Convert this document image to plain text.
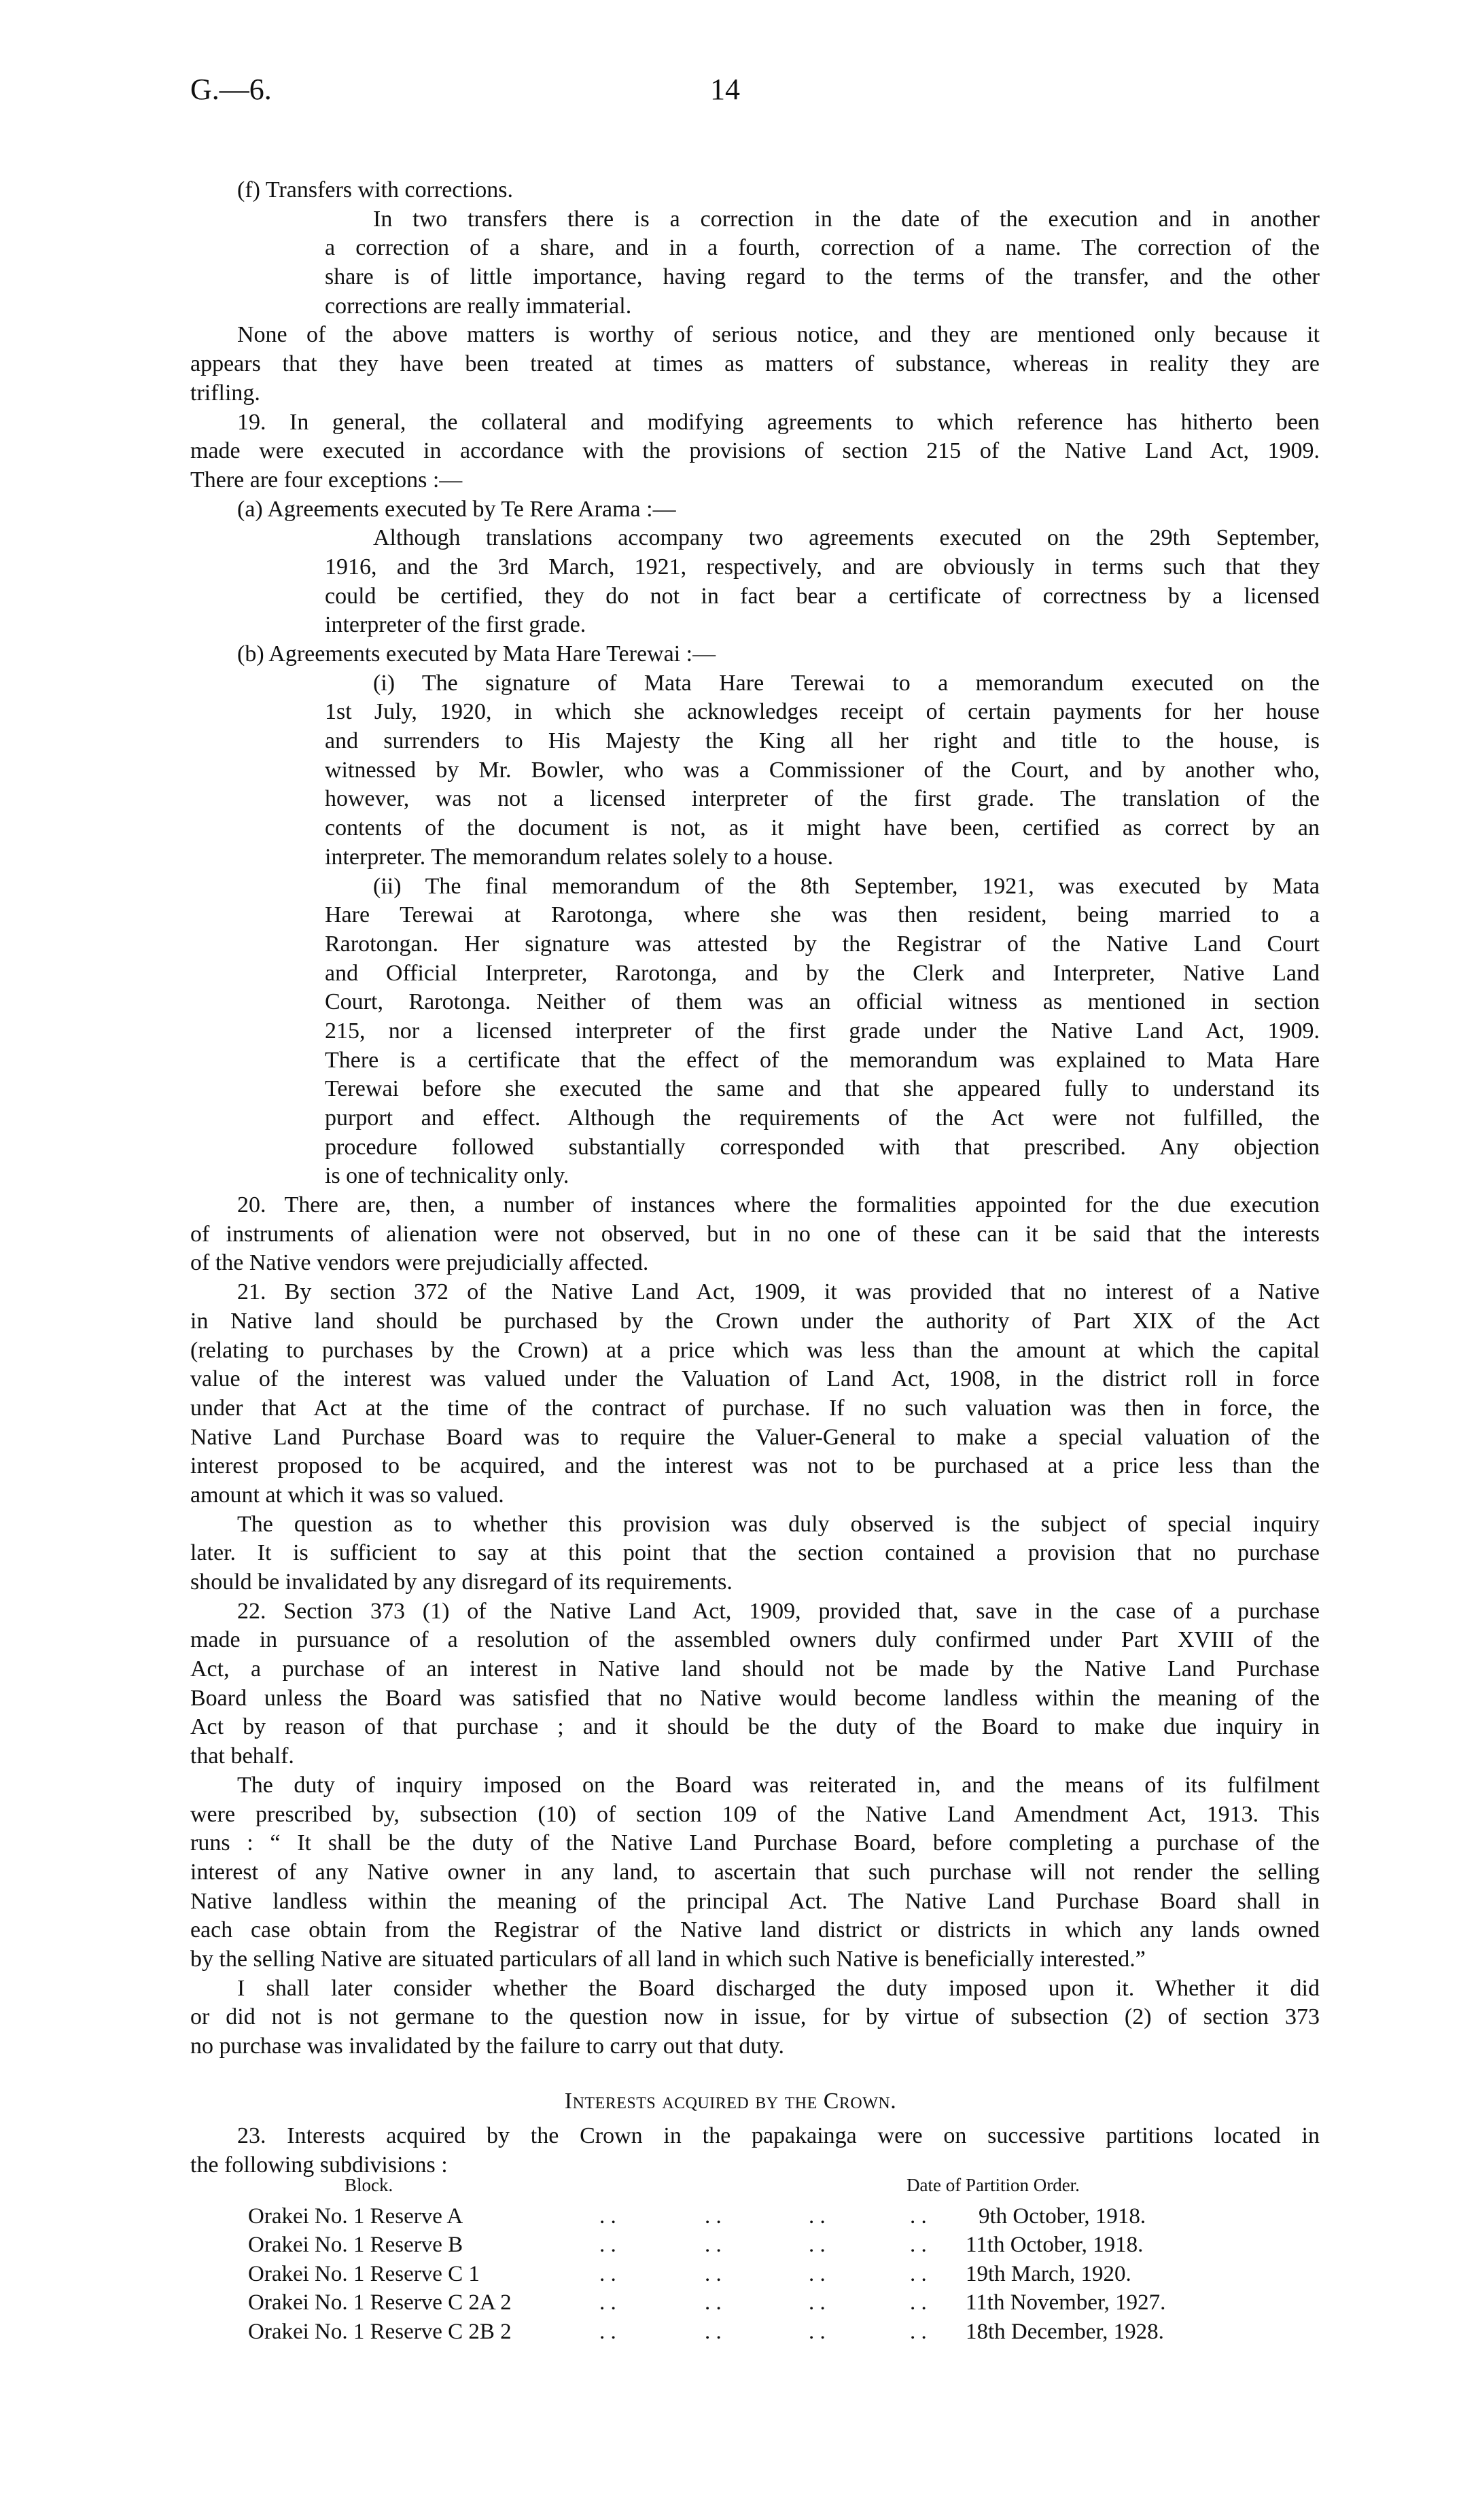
G.—6.	14
(f) Transfers with corrections.
In two transfers there is a correction in the date of the execution and in another
a correction of a share, and in a fourth, correction of a name. The correction of the
share is of little importance, having regard to the terms of the transfer, and the other
corrections are really immaterial.
None of the above matters is worthy of serious notice, and they are mentioned only because it
appears that they have been treated at times as matters of substance, whereas in reality they are
trifling.
19. In general, the collateral and modifying agreements to which reference has hitherto been
made were executed in accordance with the provisions of section 215 of the Native Land Act, 1909.
There are four exceptions :—
(a) Agreements executed by Te Rere Arama :—
Although translations accompany two agreements executed on the 29th September,
1916, and the 3rd March, 1921, respectively, and are obviously in terms such that they
could be certified, they do not in fact bear a certificate of correctness by a licensed
interpreter of the first grade.
(b) Agreements executed by Mata Hare Terewai :—
(i) The signature of Mata Hare Terewai to a memorandum executed on the
1st July, 1920, in which she acknowledges receipt of certain payments for her house
and surrenders to His Majesty the King all her right and title to the house, is
witnessed by Mr. Bowler, who was a Commissioner of the Court, and by another who,
however, was not a licensed interpreter of the first grade. The translation of the
contents of the document is not, as it might have been, certified as correct by an
interpreter. The memorandum relates solely to a house.
(ii) The final memorandum of the 8th September, 1921, was executed by Mata
Hare Terewai at Rarotonga, where she was then resident, being married to a
Rarotongan. Her signature was attested by the Registrar of the Native Land Court
and Official Interpreter, Rarotonga, and by the Clerk and Interpreter, Native Land
Court, Rarotonga. Neither of them was an official witness as mentioned in section
215, nor a licensed interpreter of the first grade under the Native Land Act, 1909.
There is a certificate that the effect of the memorandum was explained to Mata Hare
Terewai before she executed the same and that she appeared fully to understand its
purport and effect. Although the requirements of the Act were not fulfilled, the
procedure followed substantially corresponded with that prescribed. Any objection
is one of technicality only.
20. There are, then, a number of instances where the formalities appointed for the due execution
of instruments of alienation were not observed, but in no one of these can it be said that the interests
of the Native vendors were prejudicially affected.
21. By section 372 of the Native Land Act, 1909, it was provided that no interest of a Native
in Native land should be purchased by the Crown under the authority of Part XIX of the Act
(relating to purchases by the Crown) at a price which was less than the amount at which the capital
value of the interest was valued under the Valuation of Land Act, 1908, in the district roll in force
under that Act at the time of the contract of purchase. If no such valuation was then in force, the
Native Land Purchase Board was to require the Valuer-General to make a special valuation of the
interest proposed to be acquired, and the interest was not to be purchased at a price less than the
amount at which it was so valued.
The question as to whether this provision was duly observed is the subject of special inquiry
later. It is sufficient to say at this point that the section contained a provision that no purchase
should be invalidated by any disregard of its requirements.
22. Section 373 (1) of the Native Land Act, 1909, provided that, save in the case of a purchase
made in pursuance of a resolution of the assembled owners duly confirmed under Part XVIII of the
Act, a purchase of an interest in Native land should not be made by the Native Land Purchase
Board unless the Board was satisfied that no Native would become landless within the meaning of the
Act by reason of that purchase ; and it should be the duty of the Board to make due inquiry in
that behalf.
The duty of inquiry imposed on the Board was reiterated in, and the means of its fulfilment
were prescribed by, subsection (10) of section 109 of the Native Land Amendment Act, 1913. This
runs : “ It shall be the duty of the Native Land Purchase Board, before completing a purchase of the
interest of any Native owner in any land, to ascertain that such purchase will not render the selling
Native landless within the meaning of the principal Act. The Native Land Purchase Board shall in
each case obtain from the Registrar of the Native land district or districts in which any lands owned
by the selling Native are situated particulars of all land in which such Native is beneficially interested.”
I shall later consider whether the Board discharged the duty imposed upon it. Whether it did
or did not is not germane to the question now in issue, for by virtue of subsection (2) of section 373
no purchase was invalidated by the failure to carry out that duty.
Interests acquired by the Crown.
23. Interests acquired by the Crown in the papakainga were on successive partitions located in
the following subdivisions :
Block.	Date of Partition Order.
Orakei No. 1 Reserve A	. .	. .	. .	. . 9th October, 1918.
Orakei No. 1 Reserve B	. .	. .	. .	. . 11th October, 1918.
Orakei No. 1 Reserve C 1	. .	. .	. .	. . 19th March, 1920.
Orakei No. 1 Reserve C 2A 2	. .	. .	. .	. . 11th November, 1927.
Orakei No. 1 Reserve C 2B 2	. .	. .	. .	. . 18th December, 1928.
